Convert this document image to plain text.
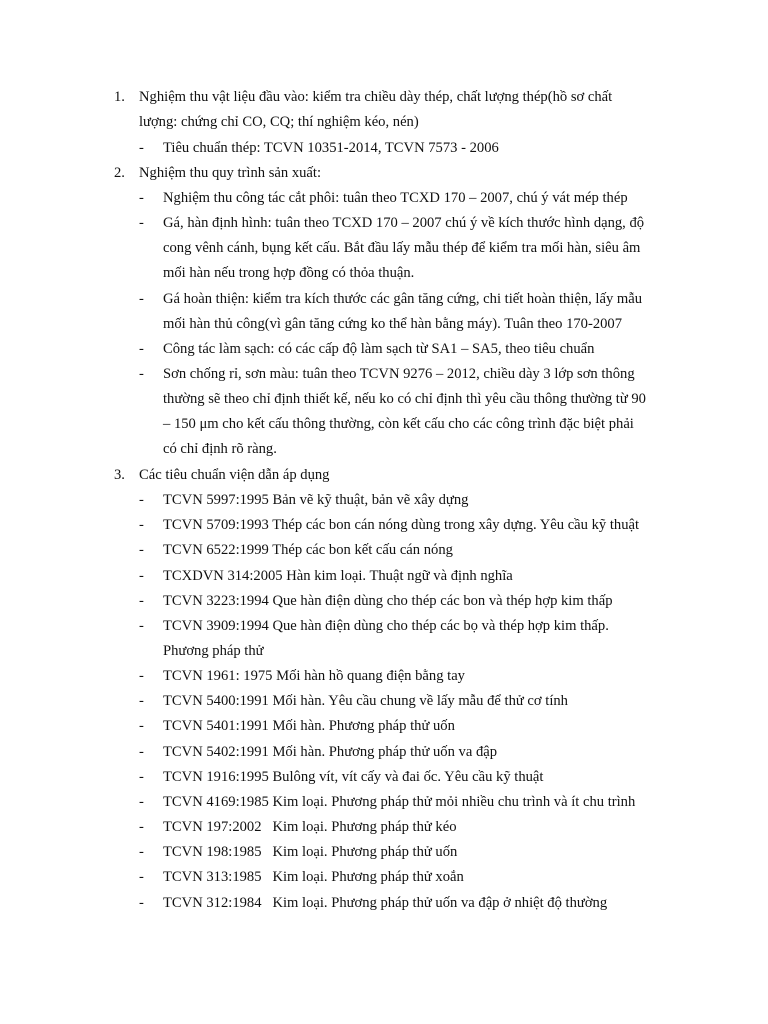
1. Nghiệm thu vật liệu đầu vào: kiểm tra chiều dày thép, chất lượng thép(hồ sơ chất
lượng: chứng chỉ CO, CQ; thí nghiệm kéo, nén)
- Tiêu chuẩn thép: TCVN 10351-2014, TCVN 7573 - 2006
2. Nghiệm thu quy trình sản xuất:
- Nghiệm thu công tác cắt phôi: tuân theo TCXD 170 – 2007, chú ý vát mép thép
- Gá, hàn định hình: tuân theo TCXD 170 – 2007 chú ý về kích thước hình dạng, độ
cong vênh cánh, bụng kết cấu. Bắt đầu lấy mẫu thép để kiểm tra mối hàn, siêu âm
mối hàn nếu trong hợp đồng có thỏa thuận.
- Gá hoàn thiện: kiểm tra kích thước các gân tăng cứng, chi tiết hoàn thiện, lấy mẫu
mối hàn thủ công(vì gân tăng cứng ko thể hàn bằng máy). Tuân theo 170-2007
- Công tác làm sạch: có các cấp độ làm sạch từ SA1 – SA5, theo tiêu chuẩn
- Sơn chống rỉ, sơn màu: tuân theo TCVN 9276 – 2012, chiều dày 3 lớp sơn thông
thường sẽ theo chỉ định thiết kế, nếu ko có chỉ định thì yêu cầu thông thường từ 90
– 150 μm cho kết cấu thông thường, còn kết cấu cho các công trình đặc biệt phải
có chỉ định rõ ràng.
3. Các tiêu chuẩn viện dẫn áp dụng
- TCVN 5997:1995 Bản vẽ kỹ thuật, bản vẽ xây dựng
- TCVN 5709:1993 Thép các bon cán nóng dùng trong xây dựng. Yêu cầu kỹ thuật
- TCVN 6522:1999 Thép các bon kết cấu cán nóng
- TCXDVN 314:2005 Hàn kim loại. Thuật ngữ và định nghĩa
- TCVN 3223:1994 Que hàn điện dùng cho thép các bon và thép hợp kim thấp
- TCVN 3909:1994 Que hàn điện dùng cho thép các bọ và thép hợp kim thấp.
Phương pháp thử
- TCVN 1961: 1975 Mối hàn hồ quang điện bằng tay
- TCVN 5400:1991 Mối hàn. Yêu cầu chung về lấy mẫu để thử cơ tính
- TCVN 5401:1991 Mối hàn. Phương pháp thử uốn
- TCVN 5402:1991 Mối hàn. Phương pháp thử uốn va đập
- TCVN 1916:1995 Bulông vít, vít cấy và đai ốc. Yêu cầu kỹ thuật
- TCVN 4169:1985 Kim loại. Phương pháp thử mỏi nhiều chu trình và ít chu trình
- TCVN 197:2002   Kim loại. Phương pháp thử kéo
- TCVN 198:1985   Kim loại. Phương pháp thử uốn
- TCVN 313:1985   Kim loại. Phương pháp thử xoắn
- TCVN 312:1984   Kim loại. Phương pháp thử uốn va đập ở nhiệt độ thường
